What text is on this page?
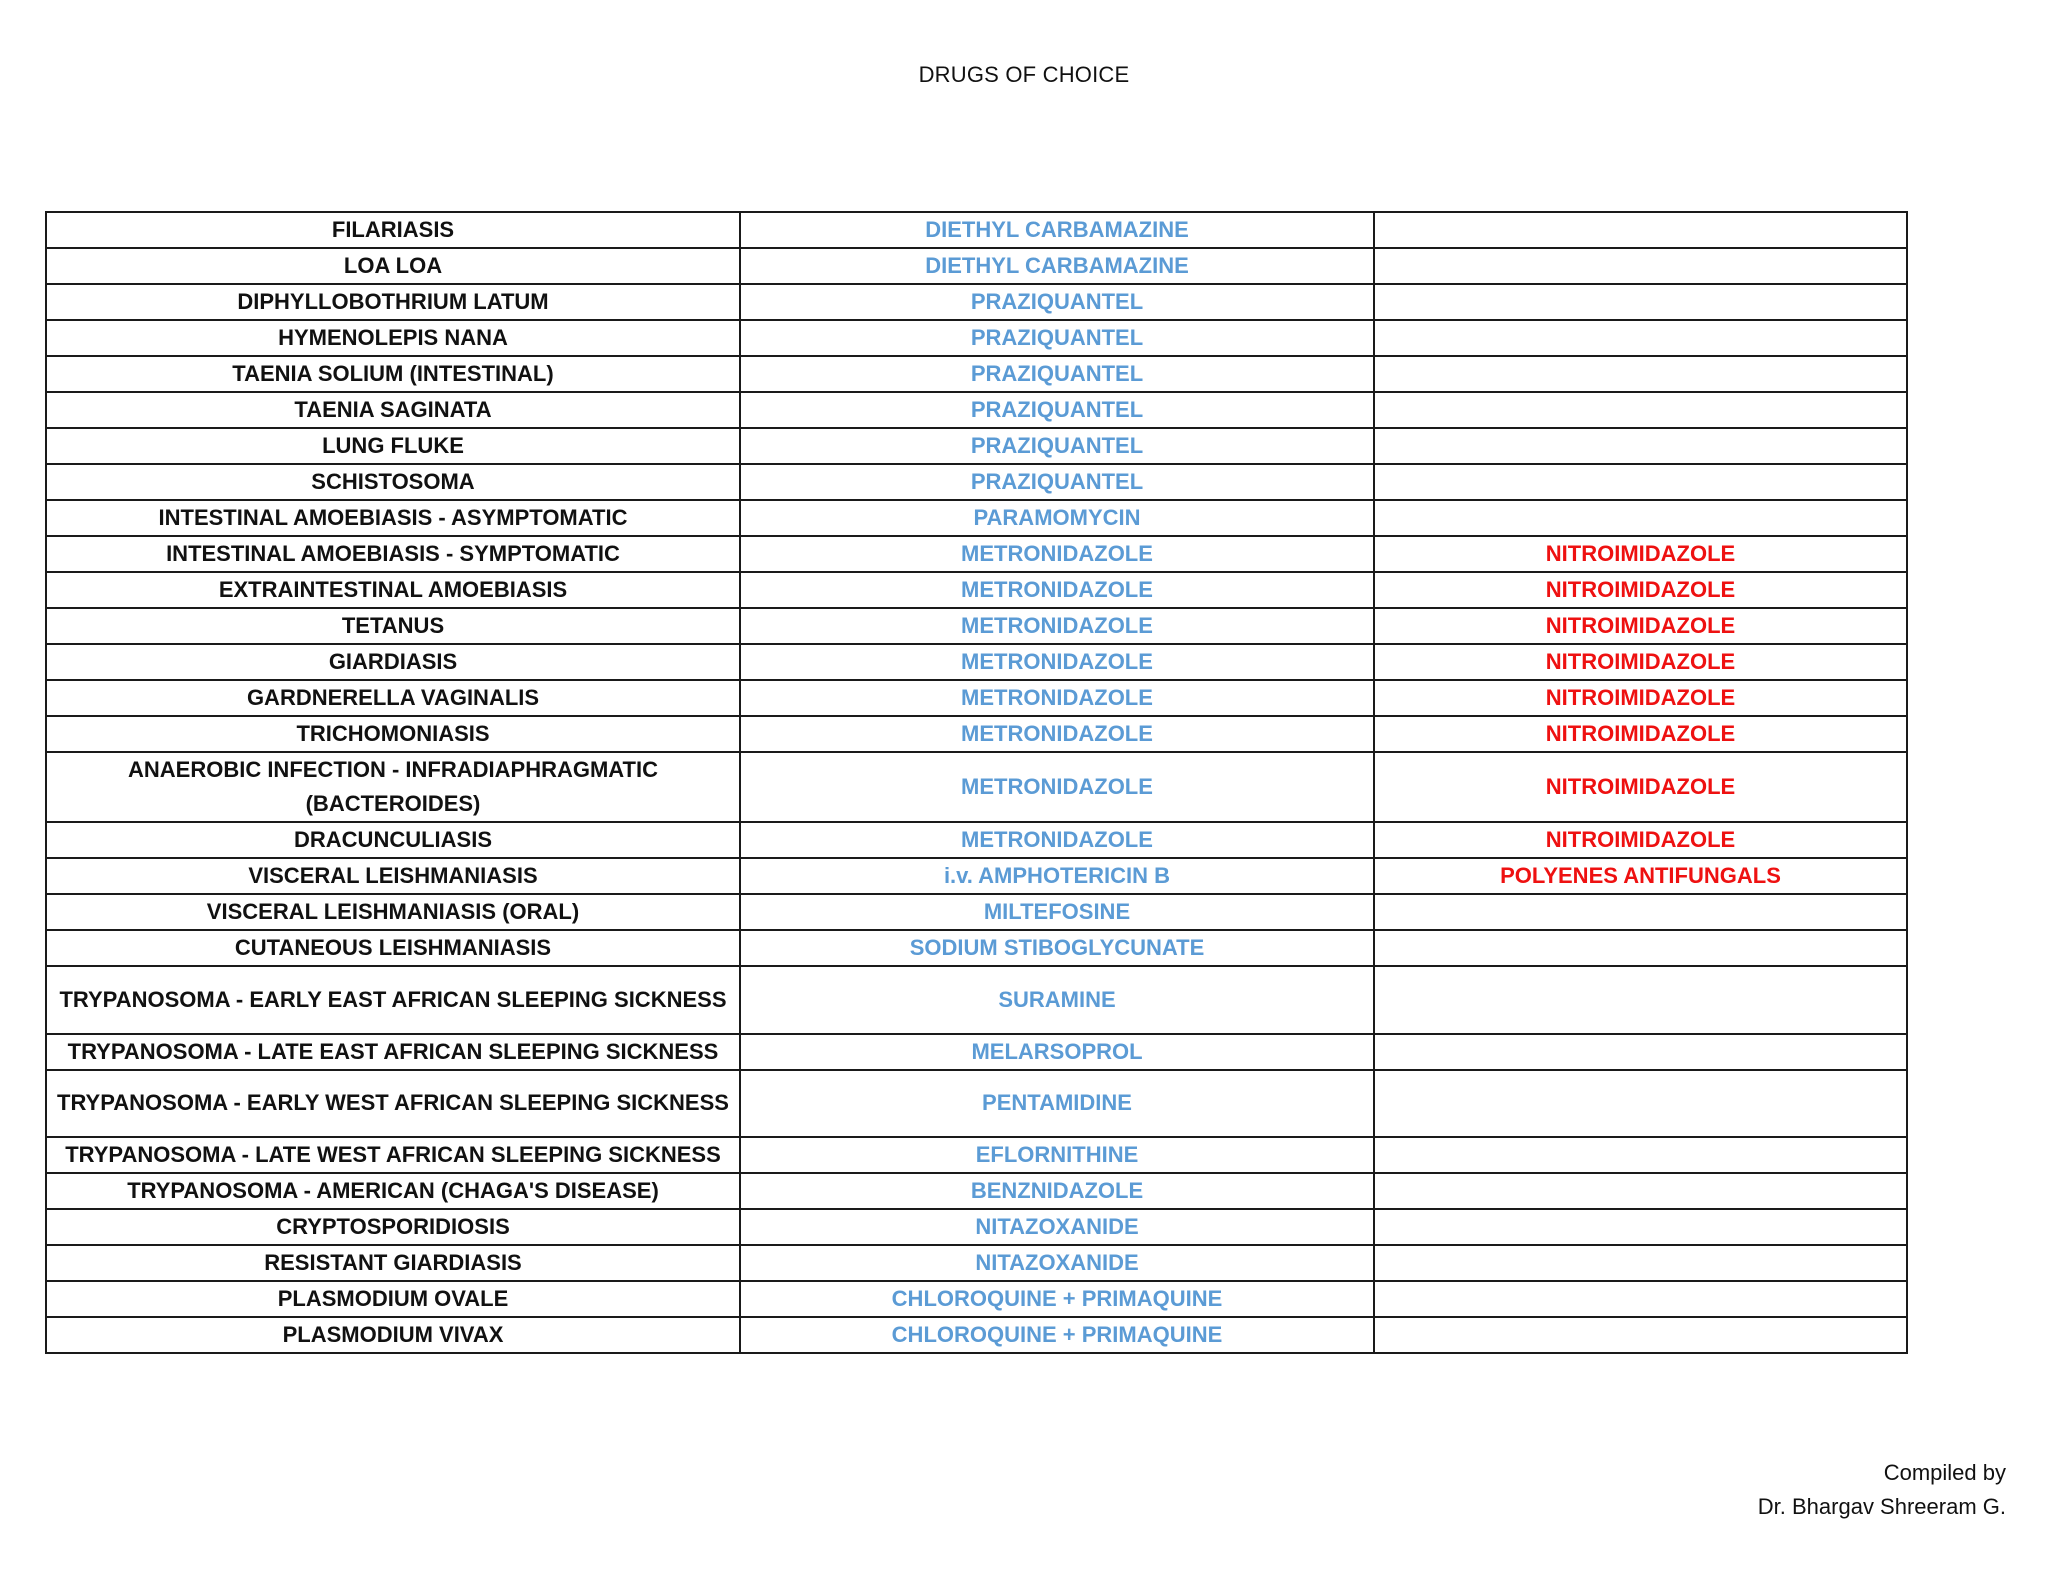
DRUGS OF CHOICE
FILARIASIS	DIETHYL CARBAMAZINE	
LOA LOA	DIETHYL CARBAMAZINE	
DIPHYLLOBOTHRIUM LATUM	PRAZIQUANTEL	
HYMENOLEPIS NANA	PRAZIQUANTEL	
TAENIA SOLIUM (INTESTINAL)	PRAZIQUANTEL	
TAENIA SAGINATA	PRAZIQUANTEL	
LUNG FLUKE	PRAZIQUANTEL	
SCHISTOSOMA	PRAZIQUANTEL	
INTESTINAL AMOEBIASIS - ASYMPTOMATIC	PARAMOMYCIN	
INTESTINAL AMOEBIASIS - SYMPTOMATIC	METRONIDAZOLE	NITROIMIDAZOLE
EXTRAINTESTINAL AMOEBIASIS	METRONIDAZOLE	NITROIMIDAZOLE
TETANUS	METRONIDAZOLE	NITROIMIDAZOLE
GIARDIASIS	METRONIDAZOLE	NITROIMIDAZOLE
GARDNERELLA VAGINALIS	METRONIDAZOLE	NITROIMIDAZOLE
TRICHOMONIASIS	METRONIDAZOLE	NITROIMIDAZOLE
ANAEROBIC INFECTION - INFRADIAPHRAGMATIC (BACTEROIDES)	METRONIDAZOLE	NITROIMIDAZOLE
DRACUNCULIASIS	METRONIDAZOLE	NITROIMIDAZOLE
VISCERAL LEISHMANIASIS	i.v. AMPHOTERICIN B	POLYENES ANTIFUNGALS
VISCERAL LEISHMANIASIS (ORAL)	MILTEFOSINE	
CUTANEOUS LEISHMANIASIS	SODIUM STIBOGLYCUNATE	
TRYPANOSOMA - EARLY EAST AFRICAN SLEEPING SICKNESS	SURAMINE	
TRYPANOSOMA - LATE EAST AFRICAN SLEEPING SICKNESS	MELARSOPROL	
TRYPANOSOMA - EARLY WEST AFRICAN SLEEPING SICKNESS	PENTAMIDINE	
TRYPANOSOMA - LATE WEST AFRICAN SLEEPING SICKNESS	EFLORNITHINE	
TRYPANOSOMA - AMERICAN (CHAGA'S DISEASE)	BENZNIDAZOLE	
CRYPTOSPORIDIOSIS	NITAZOXANIDE	
RESISTANT GIARDIASIS	NITAZOXANIDE	
PLASMODIUM OVALE	CHLOROQUINE + PRIMAQUINE	
PLASMODIUM VIVAX	CHLOROQUINE + PRIMAQUINE	
Compiled by
Dr. Bhargav Shreeram G.
